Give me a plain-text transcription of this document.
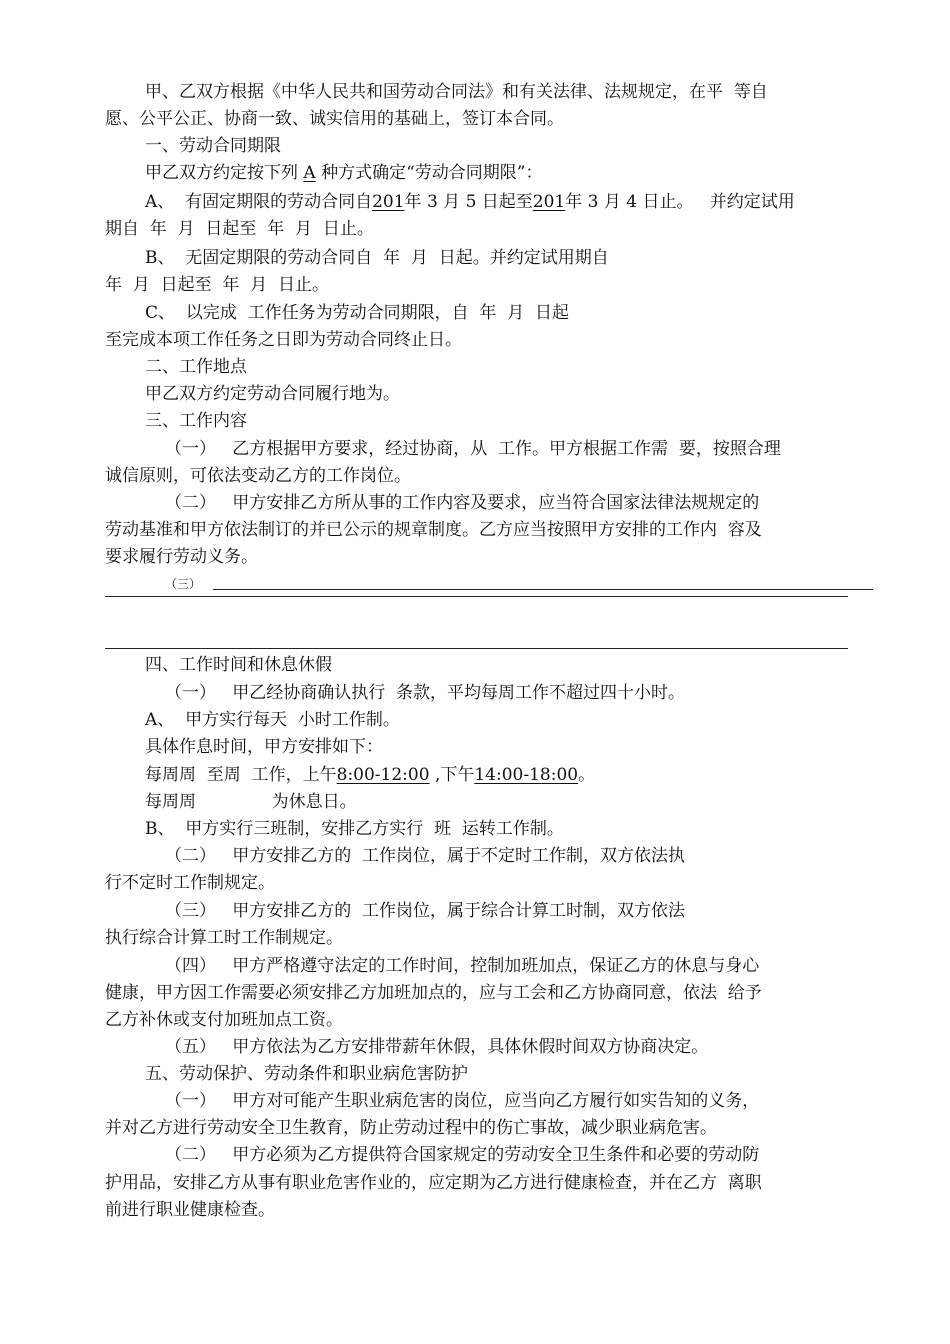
甲、乙双方根据《中华人民共和国劳动合同法》和有关法律、法规规定，在平  等自
愿、公平公正、协商一致、诚实信用的基础上，签订本合同。
一、劳动合同期限
甲乙双方约定按下列 A 种方式确定“劳动合同期限”：
A、  有固定期限的劳动合同自201年 3 月 5 日起至201年 3 月 4 日止。   并约定试用
期自  年  月  日起至  年  月  日止。
B、  无固定期限的劳动合同自  年  月  日起。并约定试用期自
年  月  日起至  年  月  日止。
C、  以完成  工作任务为劳动合同期限，自  年  月  日起
至完成本项工作任务之日即为劳动合同终止日。
二、工作地点
甲乙双方约定劳动合同履行地为。
三、工作内容
（一）   乙方根据甲方要求，经过协商，从  工作。甲方根据工作需  要，按照合理
诚信原则，可依法变动乙方的工作岗位。
（二）   甲方安排乙方所从事的工作内容及要求，应当符合国家法律法规规定的
劳动基准和甲方依法制订的并已公示的规章制度。乙方应当按照甲方安排的工作内  容及
要求履行劳动义务。
（三）
四、工作时间和休息休假
（一）   甲乙经协商确认执行  条款，平均每周工作不超过四十小时。
A、  甲方实行每天  小时工作制。
具体作息时间，甲方安排如下：
每周周  至周  工作，上午8:00-12:00 ,下午14:00-18:00。
每周周              为休息日。
B、  甲方实行三班制，安排乙方实行  班  运转工作制。
（二）   甲方安排乙方的  工作岗位，属于不定时工作制，双方依法执
行不定时工作制规定。
（三）   甲方安排乙方的  工作岗位，属于综合计算工时制，双方依法
执行综合计算工时工作制规定。
（四）   甲方严格遵守法定的工作时间，控制加班加点，保证乙方的休息与身心
健康，甲方因工作需要必须安排乙方加班加点的，应与工会和乙方协商同意，依法  给予
乙方补休或支付加班加点工资。
（五）   甲方依法为乙方安排带薪年休假，具体休假时间双方协商决定。
五、劳动保护、劳动条件和职业病危害防护
（一）   甲方对可能产生职业病危害的岗位，应当向乙方履行如实告知的义务，
并对乙方进行劳动安全卫生教育，防止劳动过程中的伤亡事故，减少职业病危害。
（二）   甲方必须为乙方提供符合国家规定的劳动安全卫生条件和必要的劳动防
护用品，安排乙方从事有职业危害作业的，应定期为乙方进行健康检查，并在乙方  离职
前进行职业健康检查。
